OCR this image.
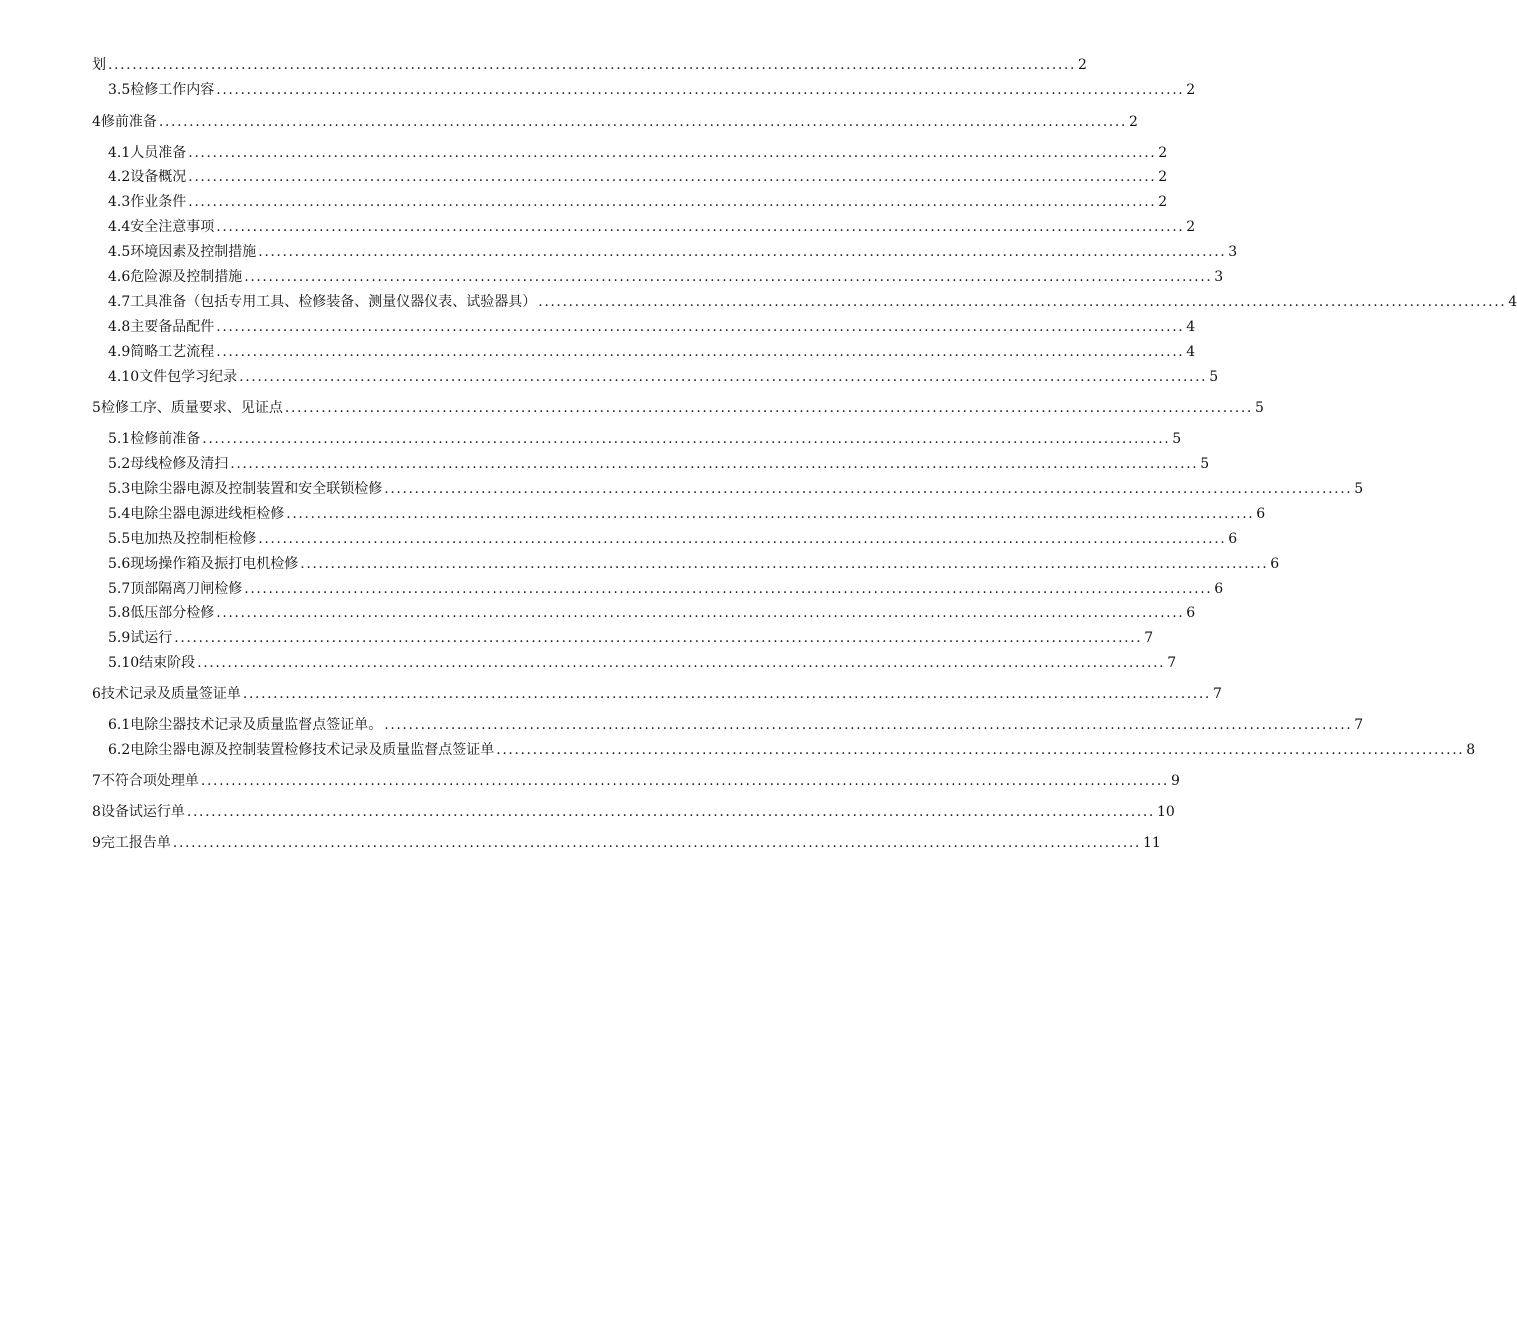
划 ................................................................................................................................................................ 2
3.5 检修工作内容 ................................................................................................................................................................ 2
4 修前准备 ................................................................................................................................................................ 2
4.1 人员准备 ................................................................................................................................................................ 2
4.2 设备概况 ................................................................................................................................................................ 2
4.3 作业条件 ................................................................................................................................................................ 2
4.4 安全注意事项 ................................................................................................................................................................ 2
4.5 环境因素及控制措施 ................................................................................................................................................................ 3
4.6 危险源及控制措施 ................................................................................................................................................................ 3
4.7 工具准备（包括专用工具、检修装备、测量仪器仪表、试验器具） ................................................................................................................................................................ 4
4.8 主要备品配件 ................................................................................................................................................................ 4
4.9 简略工艺流程 ................................................................................................................................................................ 4
4.10 文件包学习纪录 ................................................................................................................................................................ 5
5 检修工序、质量要求、见证点 ................................................................................................................................................................ 5
5.1 检修前准备 ................................................................................................................................................................ 5
5.2 母线检修及清扫 ................................................................................................................................................................ 5
5.3 电除尘器电源及控制装置和安全联锁检修 ................................................................................................................................................................ 5
5.4 电除尘器电源进线柜检修 ................................................................................................................................................................ 6
5.5 电加热及控制柜检修 ................................................................................................................................................................ 6
5.6 现场操作箱及振打电机检修 ................................................................................................................................................................ 6
5.7 顶部隔离刀闸检修 ................................................................................................................................................................ 6
5.8 低压部分检修 ................................................................................................................................................................ 6
5.9 试运行 ................................................................................................................................................................ 7
5.10 结束阶段 ................................................................................................................................................................ 7
6 技术记录及质量签证单 ................................................................................................................................................................ 7
6.1 电除尘器技术记录及质量监督点签证单。 ................................................................................................................................................................ 7
6.2 电除尘器电源及控制装置检修技术记录及质量监督点签证单 ................................................................................................................................................................ 8
7 不符合项处理单 ................................................................................................................................................................ 9
8 设备试运行单 ................................................................................................................................................................ 10
9 完工报告单 ................................................................................................................................................................ 11
